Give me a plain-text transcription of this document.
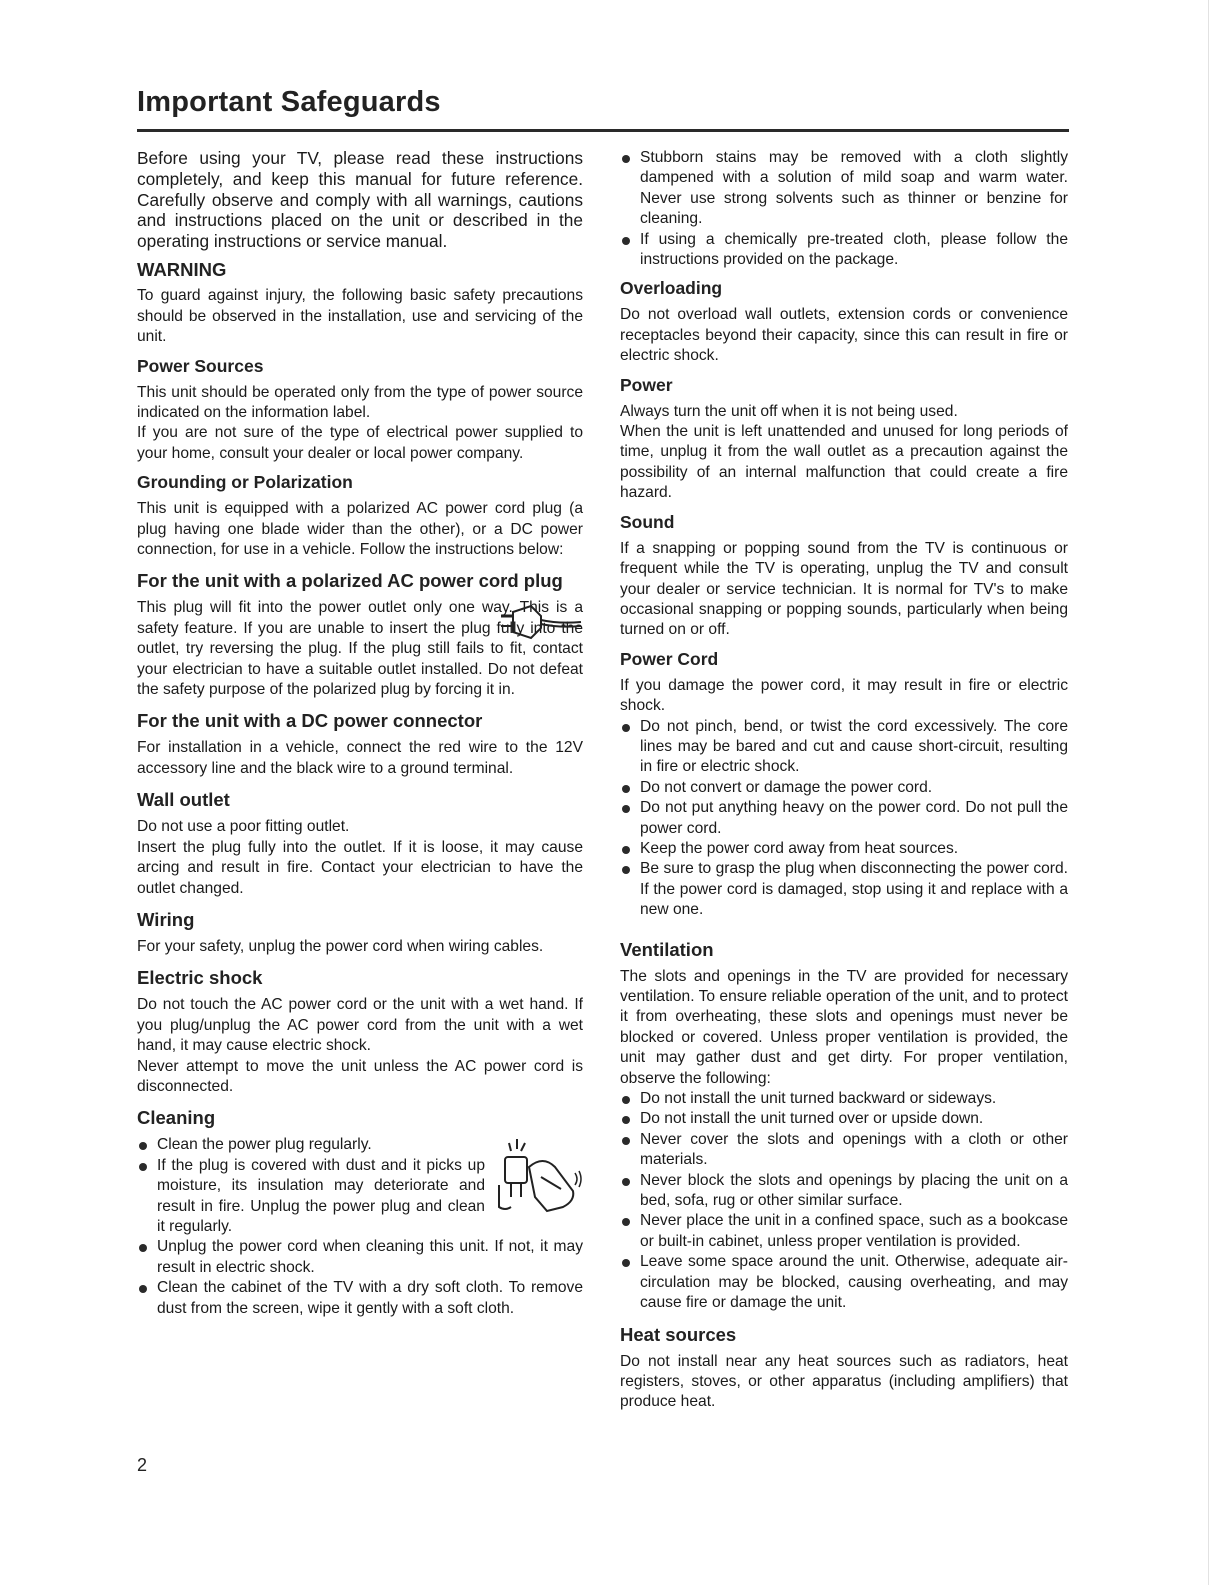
Important Safeguards

Before using your TV, please read these instructions completely, and keep this manual for future reference. Carefully observe and comply with all warnings, cautions and instructions placed on the unit or described in the operating instructions or service manual.

WARNING

To guard against injury, the following basic safety precautions should be observed in the installation, use and servicing of the unit.

Power Sources

This unit should be operated only from the type of power source indicated on the information label.

If you are not sure of the type of electrical power supplied to your home, consult your dealer or local power company.

Grounding or Polarization

This unit is equipped with a polarized AC power cord plug (a plug having one blade wider than the other), or a DC power connection, for use in a vehicle. Follow the instructions below:

For the unit with a polarized AC power cord plug

This plug will fit into the power outlet only one way. This is a safety feature. If you are unable to insert the plug fully into the outlet, try reversing the plug. If the plug still fails to fit, contact your electrician to have a suitable outlet installed. Do not defeat the safety purpose of the polarized plug by forcing it in.

For the unit with a DC power connector

For installation in a vehicle, connect the red wire to the 12V accessory line and the black wire to a ground terminal.

Wall outlet

Do not use a poor fitting outlet.

Insert the plug fully into the outlet. If it is loose, it may cause arcing and result in fire. Contact your electrician to have the outlet changed.

Wiring

For your safety, unplug the power cord when wiring cables.

Electric shock

Do not touch the AC power cord or the unit with a wet hand. If you plug/unplug the AC power cord from the unit with a wet hand, it may cause electric shock.

Never attempt to move the unit unless the AC power cord is disconnected.

Cleaning
Clean the power plug regularly.
If the plug is covered with dust and it picks up moisture, its insulation may deteriorate and result in fire. Unplug the power plug and clean it regularly.
Unplug the power cord when cleaning this unit. If not, it may result in electric shock.
Clean the cabinet of the TV with a dry soft cloth. To remove dust from the screen, wipe it gently with a soft cloth.
Stubborn stains may be removed with a cloth slightly dampened with a solution of mild soap and warm water. Never use strong solvents such as thinner or benzine for cleaning.
If using a chemically pre-treated cloth, please follow the instructions provided on the package.
Overloading

Do not overload wall outlets, extension cords or convenience receptacles beyond their capacity, since this can result in fire or electric shock.

Power

Always turn the unit off when it is not being used.

When the unit is left unattended and unused for long periods of time, unplug it from the wall outlet as a precaution against the possibility of an internal malfunction that could create a fire hazard.

Sound

If a snapping or popping sound from the TV is continuous or frequent while the TV is operating, unplug the TV and consult your dealer or service technician. It is normal for TV's to make occasional snapping or popping sounds, particularly when being turned on or off.

Power Cord

If you damage the power cord, it may result in fire or electric shock.

Do not pinch, bend, or twist the cord excessively. The core lines may be bared and cut and cause short-circuit, resulting in fire or electric shock.
Do not convert or damage the power cord.
Do not put anything heavy on the power cord. Do not pull the power cord.
Keep the power cord away from heat sources.
Be sure to grasp the plug when disconnecting the power cord. If the power cord is damaged, stop using it and replace with a new one.
Ventilation

The slots and openings in the TV are provided for necessary ventilation. To ensure reliable operation of the unit, and to protect it from overheating, these slots and openings must never be blocked or covered. Unless proper ventilation is provided, the unit may gather dust and get dirty. For proper ventilation, observe the following:

Do not install the unit turned backward or sideways.
Do not install the unit turned over or upside down.
Never cover the slots and openings with a cloth or other materials.
Never block the slots and openings by placing the unit on a bed, sofa, rug or other similar surface.
Never place the unit in a confined space, such as a bookcase or built-in cabinet, unless proper ventilation is provided.
Leave some space around the unit. Otherwise, adequate air-circulation may be blocked, causing overheating, and may cause fire or damage the unit.
Heat sources

Do not install near any heat sources such as radiators, heat registers, stoves, or other apparatus (including amplifiers) that produce heat.

2
